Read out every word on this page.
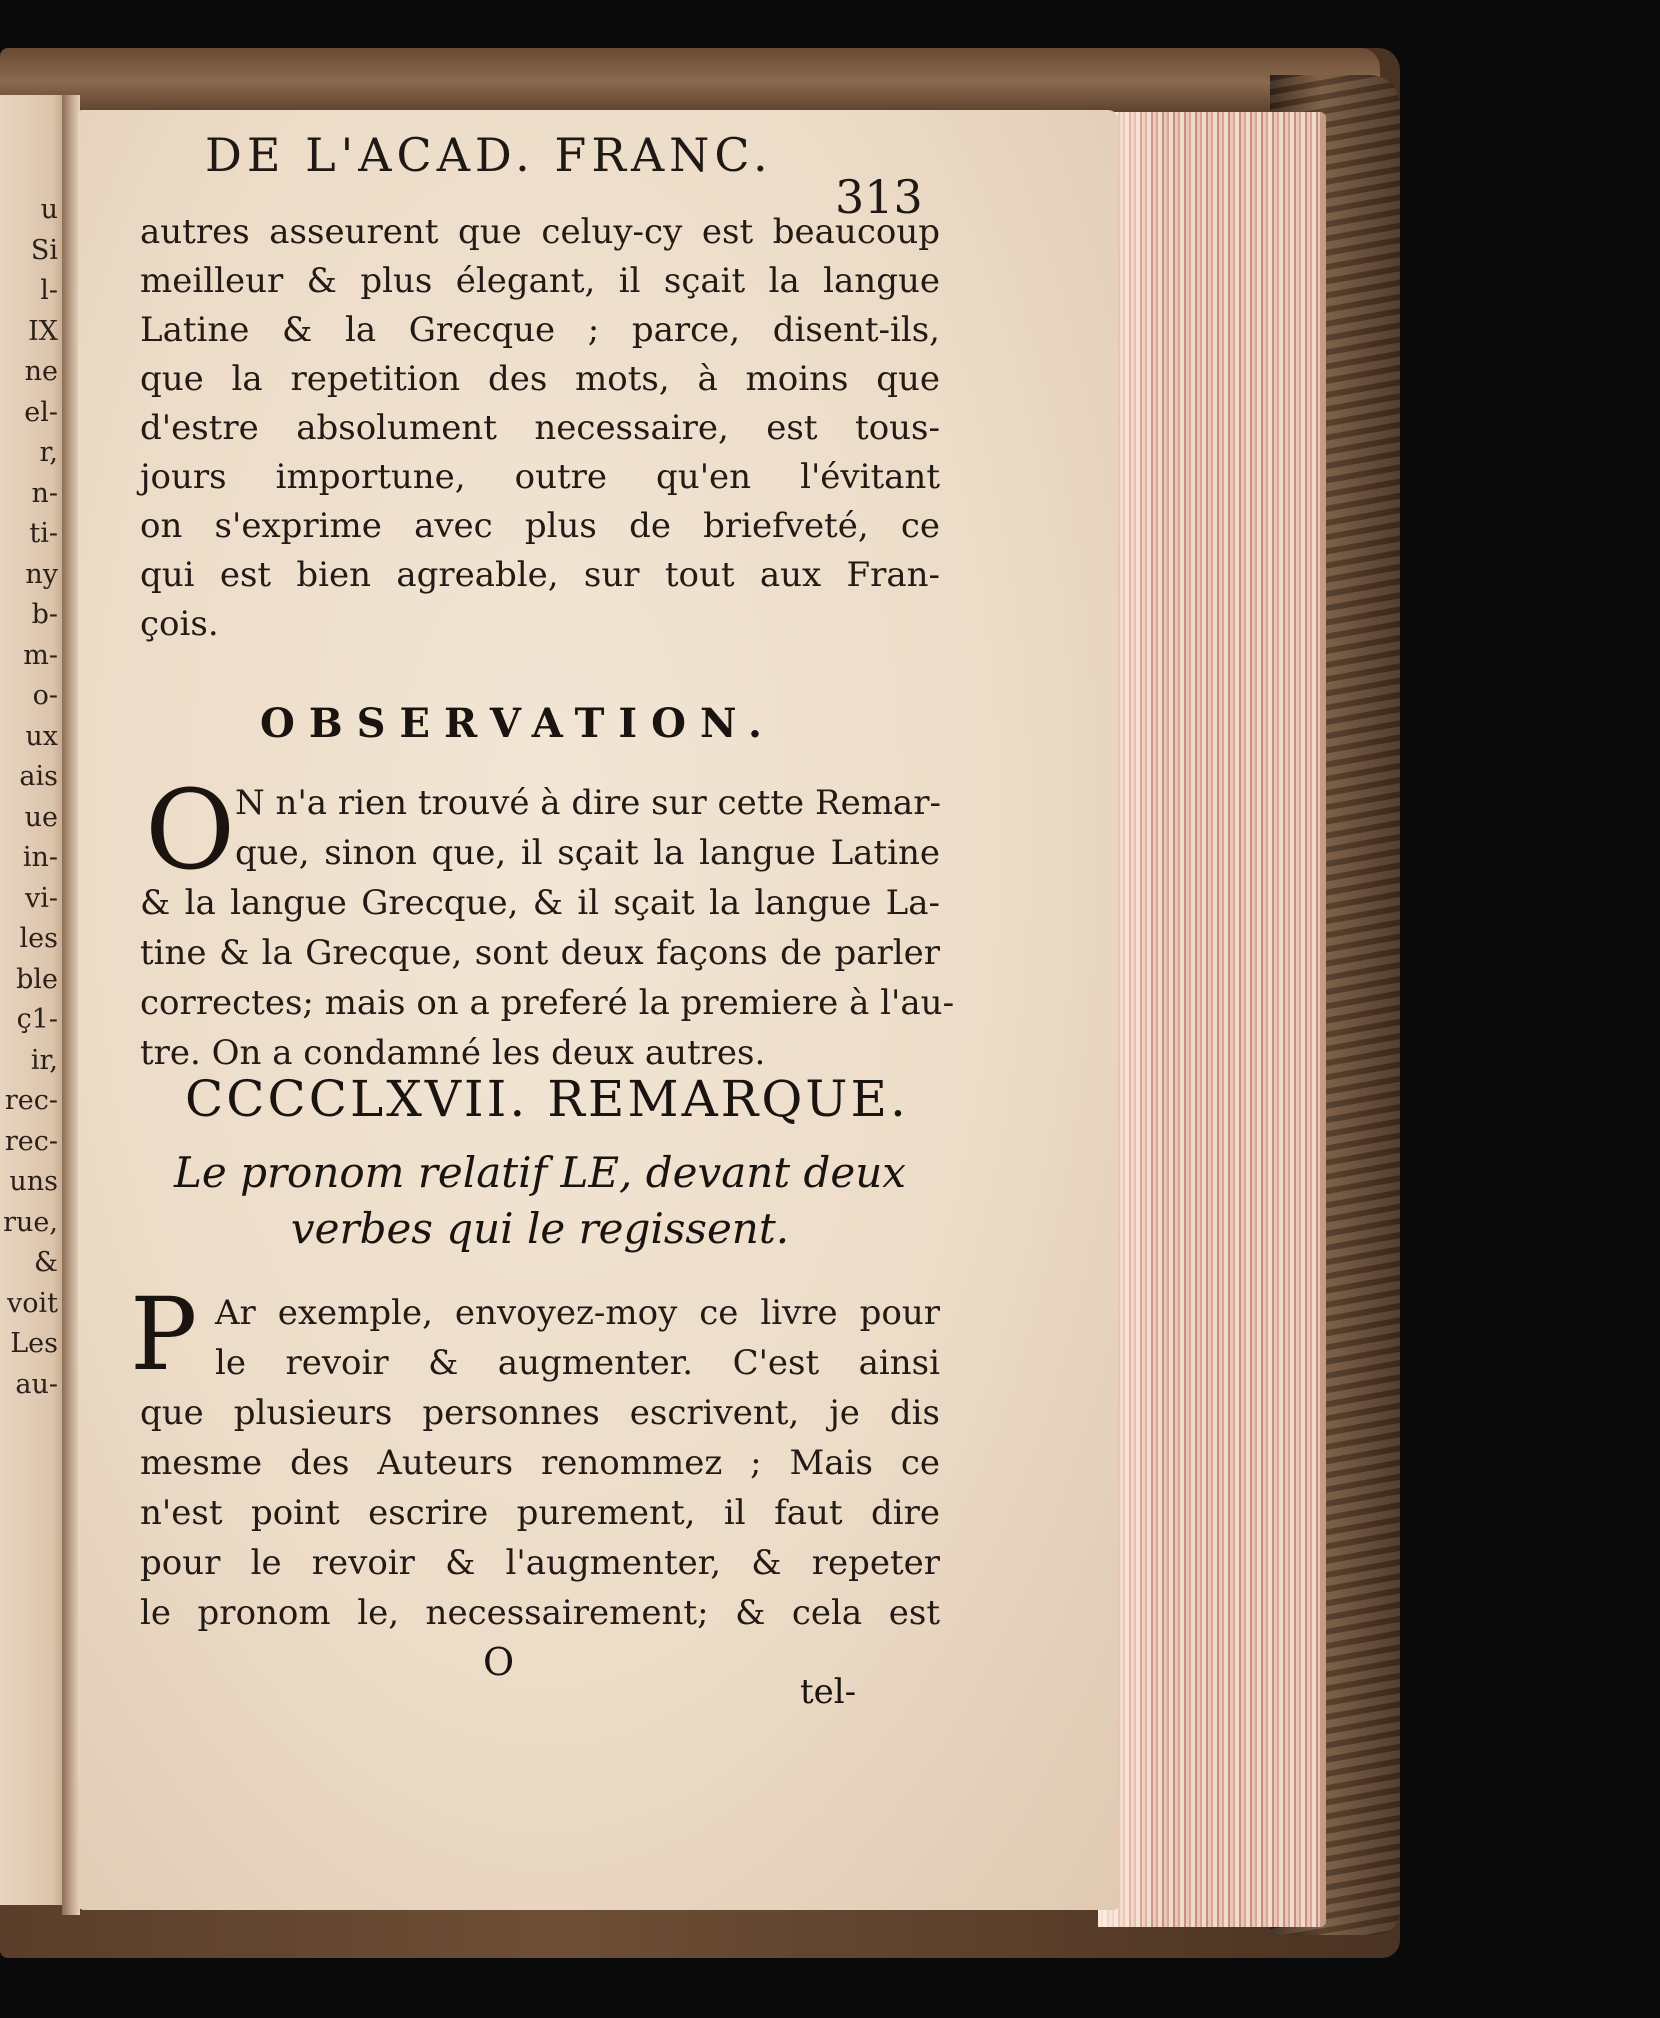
u
Si
l-
IX
ne
el-
r,
n-
ti-
ny
b-
m-
o-
ux
ais
ue
in-
vi-
les
ble
ç1-
ir,
rec-
rec-
uns
rue,
&
voit
Les
au-
DE L'ACAD. FRANC.
313
autres asseurent que celuy-cy est beaucoup
meilleur & plus élegant, il sçait la langue
Latine & la Grecque ; parce, disent-ils,
que la repetition des mots, à moins que
d'estre absolument necessaire, est tous-
jours importune, outre qu'en l'évitant
on s'exprime avec plus de briefveté, ce
qui est bien agreable, sur tout aux Fran-
çois.
OBSERVATION.
O N n'a rien trouvé à dire sur cette Remar-
que, sinon que, il sçait la langue Latine
& la langue Grecque, & il sçait la langue La-
tine & la Grecque, sont deux façons de parler
correctes; mais on a preferé la premiere à l'au-
tre. On a condamné les deux autres.
CCCCLXVII. REMARQUE.
Le pronom relatif LE, devant deux
verbes qui le regissent.
P Ar exemple, envoyez-moy ce livre pour
le revoir & augmenter. C'est ainsi
que plusieurs personnes escrivent, je dis
mesme des Auteurs renommez ; Mais ce
n'est point escrire purement, il faut dire
pour le revoir & l'augmenter, & repeter
le pronom le, necessairement; & cela est
O
tel-
